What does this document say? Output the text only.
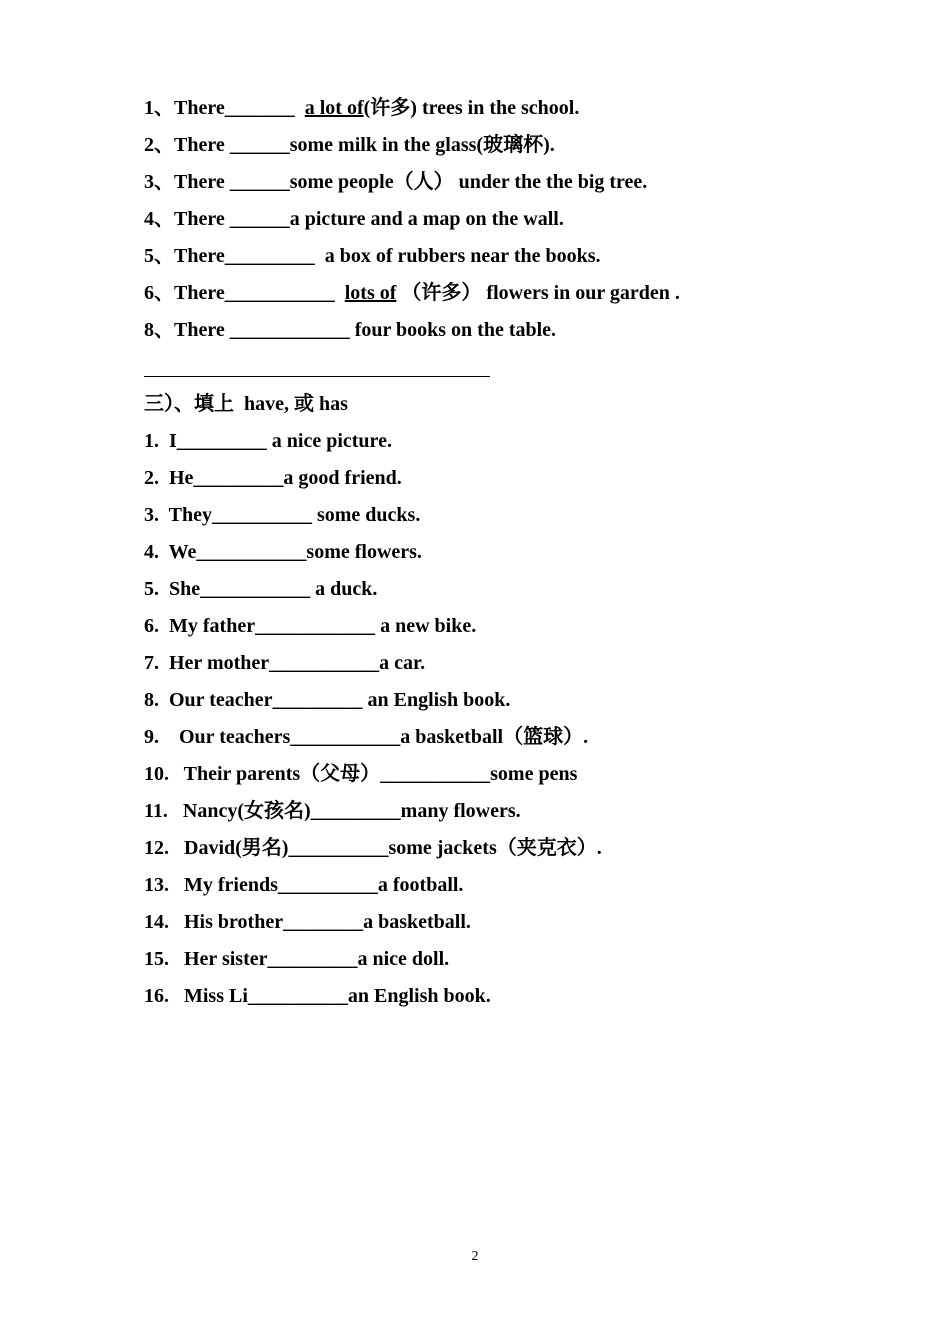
1、There_______  a lot of(许多) trees in the school.
2、There ______some milk in the glass(玻璃杯).
3、There ______some people（人） under the the big tree.
4、There ______a picture and a map on the wall.
5、There_________  a box of rubbers near the books.
6、There___________  lots of （许多） flowers in our garden .
8、There ____________ four books on the table.
三）、填上  have, 或 has
1.  I_________ a nice picture.
2.  He_________a good friend.
3.  They__________ some ducks.
4.  We___________some flowers.
5.  She___________ a duck.
6.  My father____________ a new bike.
7.  Her mother___________a car.
8.  Our teacher_________ an English book.
9.    Our teachers___________a basketball（篮球）.
10.   Their parents（父母）___________some pens
11.   Nancy(女孩名)_________many flowers.
12.   David(男名)__________some jackets（夹克衣）.
13.   My friends__________a football.
14.   His brother________a basketball.
15.   Her sister_________a nice doll.
16.   Miss Li__________an English book.
2
